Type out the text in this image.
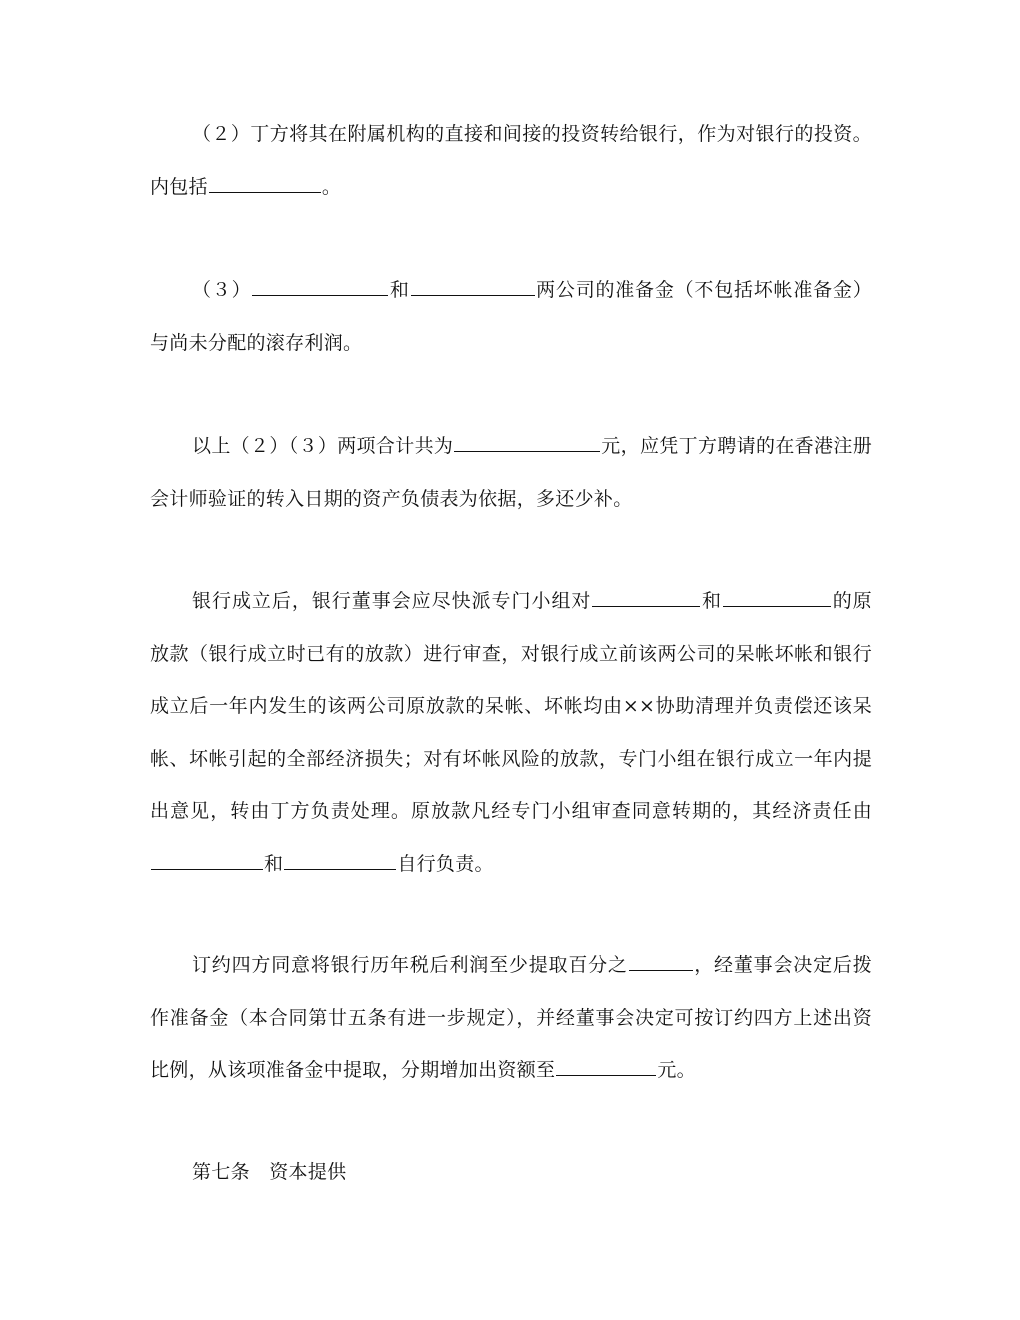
（２）丁方将其在附属机构的直接和间接的投资转给银行，作为对银行的投资。内包括	。

（３）	和	两公司的准备金（不包括坏帐准备金）与尚未分配的滚存利润。

以上（２）（３）两项合计共为	元，应凭丁方聘请的在香港注册会计师验证的转入日期的资产负债表为依据，多还少补。

银行成立后，银行董事会应尽快派专门小组对	和	的原放款（银行成立时已有的放款）进行审查，对银行成立前该两公司的呆帐坏帐和银行成立后一年内发生的该两公司原放款的呆帐、坏帐均由××协助清理并负责偿还该呆帐、坏帐引起的全部经济损失；对有坏帐风险的放款，专门小组在银行成立一年内提出意见，转由丁方负责处理。原放款凡经专门小组审查同意转期的，其经济责任由和	自行负责。

订约四方同意将银行历年税后利润至少提取百分之	，经董事会决定后拨作准备金（本合同第廿五条有进一步规定），并经董事会决定可按订约四方上述出资比例，从该项准备金中提取，分期增加出资额至	元。

第七条　 资本提供
